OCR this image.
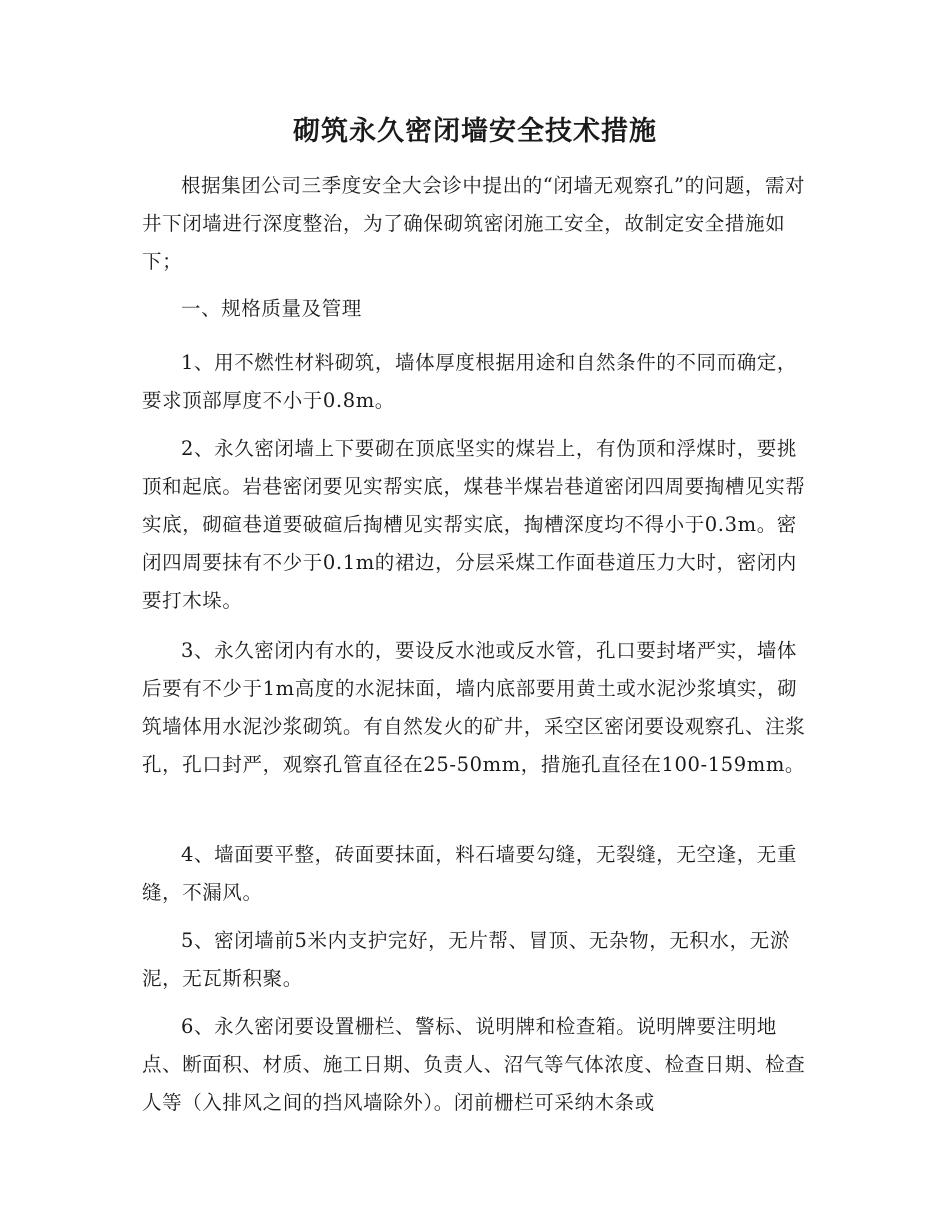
砌筑永久密闭墙安全技术措施

根据集团公司三季度安全大会诊中提出的“闭墙无观察孔”的问题，需对井下闭墙进行深度整治，为了确保砌筑密闭施工安全，故制定安全措施如下；

一、规格质量及管理

1、用不燃性材料砌筑，墙体厚度根据用途和自然条件的不同而确定，要求顶部厚度不小于0.8m。

2、永久密闭墙上下要砌在顶底坚实的煤岩上，有伪顶和浮煤时，要挑顶和起底。岩巷密闭要见实帮实底，煤巷半煤岩巷道密闭四周要掏槽见实帮实底，砌碹巷道要破碹后掏槽见实帮实底，掏槽深度均不得小于0.3m。密闭四周要抹有不少于0.1m的裙边，分层采煤工作面巷道压力大时，密闭内要打木垛。

3、永久密闭内有水的，要设反水池或反水管，孔口要封堵严实，墙体后要有不少于1m高度的水泥抹面，墙内底部要用黄土或水泥沙浆填实，砌筑墙体用水泥沙浆砌筑。有自然发火的矿井，采空区密闭要设观察孔、注浆孔，孔口封严，观察孔管直径在25-50mm，措施孔直径在100-159mm。

4、墙面要平整，砖面要抹面，料石墙要勾缝，无裂缝，无空逢，无重缝，不漏风。

5、密闭墙前5米内支护完好，无片帮、冒顶、无杂物，无积水，无淤泥，无瓦斯积聚。

6、永久密闭要设置栅栏、警标、说明牌和检查箱。说明牌要注明地点、断面积、材质、施工日期、负责人、沼气等气体浓度、检查日期、检查人等（入排风之间的挡风墙除外）。闭前栅栏可采纳木条或
